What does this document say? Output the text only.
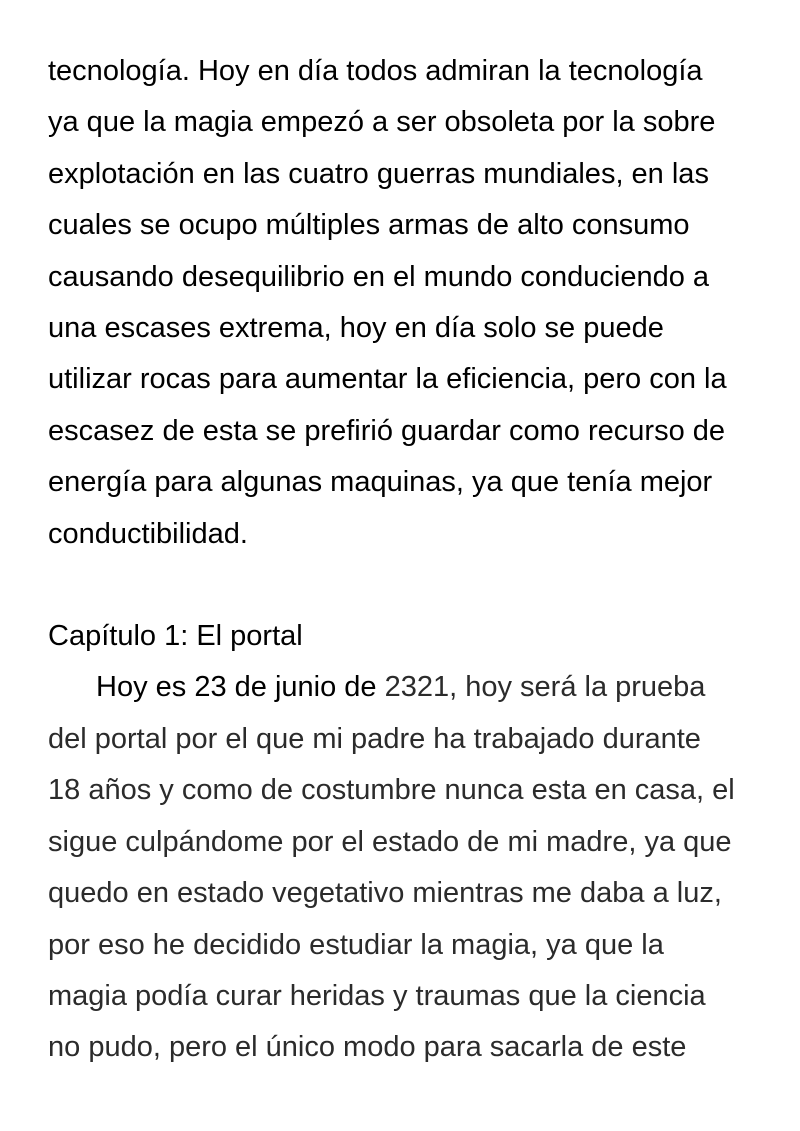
tecnología. Hoy en día todos admiran la tecnología
ya que la magia empezó a ser obsoleta por la sobre
explotación en las cuatro guerras mundiales, en las
cuales se ocupo múltiples armas de alto consumo
causando desequilibrio en el mundo conduciendo a
una escases extrema, hoy en día solo se puede
utilizar rocas para aumentar la eficiencia, pero con la
escasez de esta se prefirió guardar como recurso de
energía para algunas maquinas, ya que tenía mejor
conductibilidad.
Capítulo 1: El portal
Hoy es 23 de junio de 2321, hoy será la prueba
del portal por el que mi padre ha trabajado durante
18 años y como de costumbre nunca esta en casa, el
sigue culpándome por el estado de mi madre, ya que
quedo en estado vegetativo mientras me daba a luz,
por eso he decidido estudiar la magia, ya que la
magia podía curar heridas y traumas que la ciencia
no pudo, pero el único modo para sacarla de este
